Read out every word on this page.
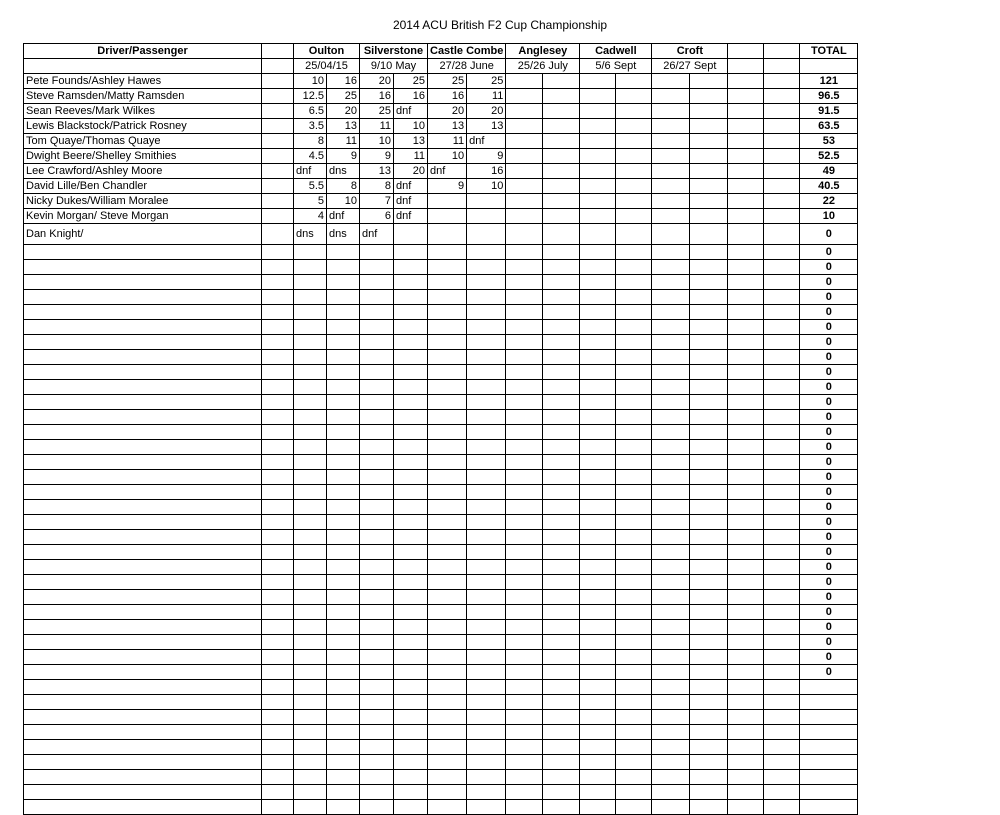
2014 ACU British F2 Cup Championship
Driver/Passenger		Oulton		Silverstone		Castle Combe		Anglesey		Cadwell		Croft				TOTAL
		25/04/15		9/10 May		27/28 June		25/26 July		5/6 Sept		26/27 Sept				
Pete Founds/Ashley Hawes		10	16	20	25	25	25									121
Steve Ramsden/Matty Ramsden		12.5	25	16	16	16	11									96.5
Sean Reeves/Mark Wilkes		6.5	20	25	dnf	20	20									91.5
Lewis Blackstock/Patrick Rosney		3.5	13	11	10	13	13									63.5
Tom Quaye/Thomas Quaye		8	11	10	13	11	dnf									53
Dwight Beere/Shelley Smithies		4.5	9	9	11	10	9									52.5
Lee Crawford/Ashley Moore		dnf	dns	13	20	dnf	16									49
David Lille/Ben Chandler		5.5	8	8	dnf	9	10									40.5
Nicky Dukes/William Moralee		5	10	7	dnf											22
Kevin Morgan/ Steve Morgan		4	dnf	6	dnf											10
Dan Knight/		dns	dns	dnf												0
																0
																0
																0
																0
																0
																0
																0
																0
																0
																0
																0
																0
																0
																0
																0
																0
																0
																0
																0
																0
																0
																0
																0
																0
																0
																0
																0
																0
																0
